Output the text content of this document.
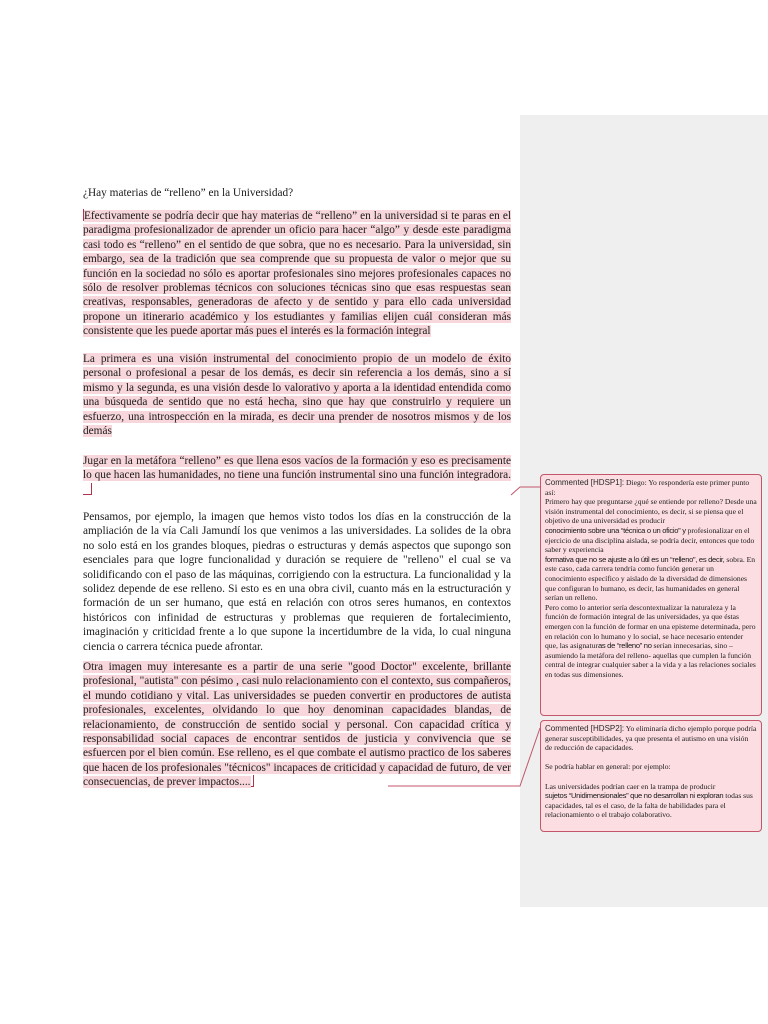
¿Hay materias de “relleno” en la Universidad?
Efectivamente se podría decir que hay materias de “relleno” en la universidad si te paras en el paradigma profesionalizador de aprender un oficio para hacer “algo” y desde este paradigma casi todo es “relleno” en el sentido de que sobra, que no es necesario. Para la universidad, sin embargo, sea de la tradición que sea comprende que su propuesta de valor o mejor que su función en la sociedad no sólo es aportar profesionales sino mejores profesionales capaces no sólo de resolver problemas técnicos con soluciones técnicas sino que esas respuestas sean creativas, responsables, generadoras de afecto y de sentido y para ello cada universidad propone un itinerario académico y los estudiantes y familias elijen cuál consideran más consistente que les puede aportar más pues el interés es la formación integral
La primera es una visión instrumental del conocimiento propio de un modelo de éxito personal o profesional a pesar de los demás, es decir sin referencia a los demás, sino a sí mismo y la segunda, es una visión desde lo valorativo y aporta a la identidad entendida como una búsqueda de sentido que no está hecha, sino que hay que construirlo y requiere un esfuerzo, una introspección en la mirada, es decir una prender de nosotros mismos y de los demás
Jugar en la metáfora “relleno” es que llena esos vacíos de la formación y eso es precisamente lo que hacen las humanidades, no tiene una función instrumental sino una función integradora.
Pensamos, por ejemplo, la imagen que hemos visto todos los días en la construcción de la ampliación de la vía Cali Jamundí los que venimos a las universidades. La solides de la obra no solo está en los grandes bloques, piedras o estructuras y demás aspectos que supongo son esenciales para que logre funcionalidad y duración se requiere de "relleno" el cual se va solidificando con el paso de las máquinas, corrigiendo con la estructura. La funcionalidad y la solidez depende de ese relleno. Si esto es en una obra civil, cuanto más en la estructuración y formación de un ser humano, que está en relación con otros seres humanos, en contextos históricos con infinidad de estructuras y problemas que requieren de fortalecimiento, imaginación y criticidad frente a lo que supone la incertidumbre de la vida, lo cual ninguna ciencia o carrera técnica puede afrontar.
Otra imagen muy interesante es a partir de una serie "good Doctor" excelente, brillante profesional, "autista" con pésimo , casi nulo relacionamiento con el contexto, sus compañeros, el mundo cotidiano y vital. Las universidades se pueden convertir en productores de autista profesionales, excelentes, olvidando lo que hoy denominan capacidades blandas, de relacionamiento, de construcción de sentido social y personal. Con capacidad crítica y responsabilidad social capaces de encontrar sentidos de justicia y convivencia que se esfuercen por el bien común. Ese relleno, es el que combate el autismo practico de los saberes que hacen de los profesionales "técnicos" incapaces de criticidad y capacidad de futuro, de ver consecuencias, de prever impactos....
Commented [HDSP1]: Diego: Yo respondería este primer punto así:
Primero hay que preguntarse ¿qué se entiende por relleno? Desde una visión instrumental del conocimiento, es decir, si se piensa que el objetivo de una universidad es producir
conocimiento sobre una “técnica o un oficio” y profesionalizar en el ejercicio de una disciplina aislada, se podría decir, entonces que todo saber y experiencia
formativa que no se ajuste a lo útil es un “relleno”, es decir, sobra. En este caso, cada carrera tendría como función generar un conocimiento específico y aislado de la diversidad de dimensiones que configuran lo humano, es decir, las humanidades en general serían un relleno.
Pero como lo anterior sería descontextualizar la naturaleza y la función de formación integral de las universidades, ya que éstas emergen con la función de formar en una episteme determinada, pero en relación con lo humano y lo social, se hace necesario entender que, las asignaturas de “relleno” no serían innecesarias, sino –asumiendo la metáfora del relleno- aquellas que cumplen la función central de integrar cualquier saber a la vida y a las relaciones sociales en todas sus dimensiones.
Commented [HDSP2]: Yo eliminaría dicho ejemplo porque podría generar susceptibilidades, ya que presenta el autismo en una visión de reducción de capacidades.

Se podría hablar en general: por ejemplo:

Las universidades podrían caer en la trampa de producir
sujetos “Unidimensionales” que no desarrollan ni exploran todas sus capacidades, tal es el caso, de la falta de habilidades para el relacionamiento o el trabajo colaborativo.
